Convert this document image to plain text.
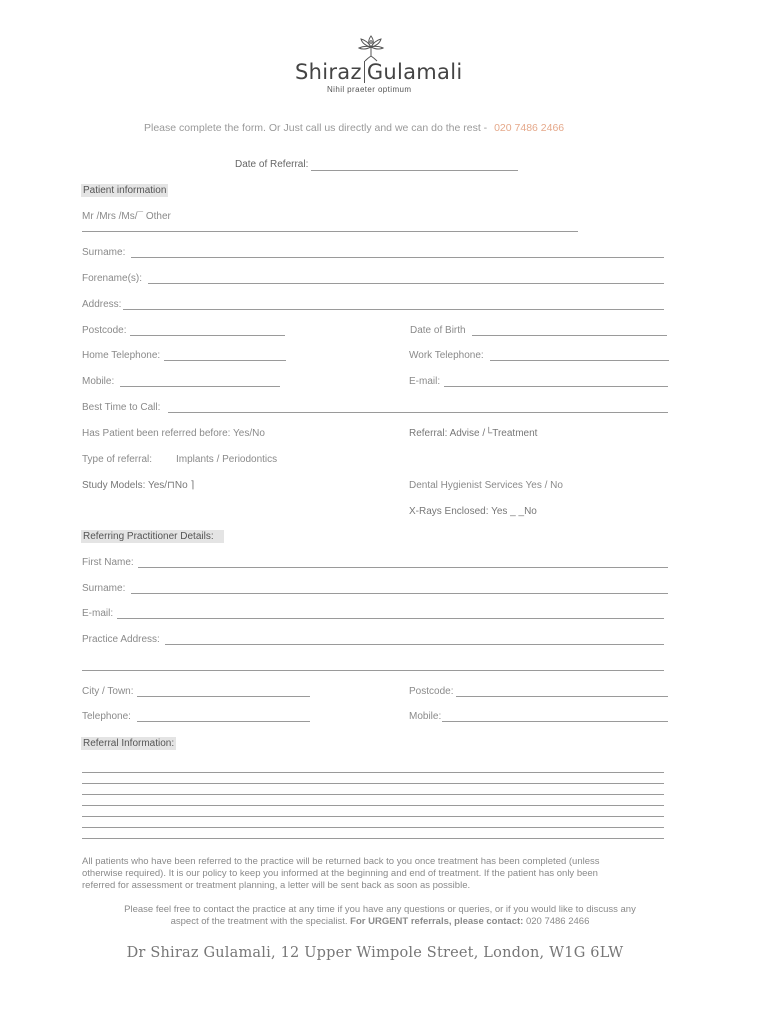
Shiraz Gulamali
Nihil praeter optimum
Please complete the form. Or Just call us directly and we can do the rest - 020 7486 2466
Date of Referral:
Patient information
Mr /Mrs /Ms/¯ Other
Surname:
Forename(s):
Address:
Postcode:	Date of Birth
Home Telephone:	Work Telephone:
Mobile:	E-mail:
Best Time to Call:
Has Patient been referred before: Yes/No	Referral: Advise /└Treatment
Type of referral: Implants / Periodontics
Study Models: Yes/⊓No ⌉	Dental Hygienist Services Yes / No
X-Rays Enclosed: Yes _ _No
Referring Practitioner Details:
First Name:
Surname:
E-mail:
Practice Address:
City / Town:	Postcode:
Telephone:	Mobile:
Referral Information:
All patients who have been referred to the practice will be returned back to you once treatment has been completed (unless
otherwise required). It is our policy to keep you informed at the beginning and end of treatment. If the patient has only been
referred for assessment or treatment planning, a letter will be sent back as soon as possible.
Please feel free to contact the practice at any time if you have any questions or queries, or if you would like to discuss any
aspect of the treatment with the specialist. For URGENT referrals, please contact: 020 7486 2466
Dr Shiraz Gulamali, 12 Upper Wimpole Street, London, W1G 6LW
